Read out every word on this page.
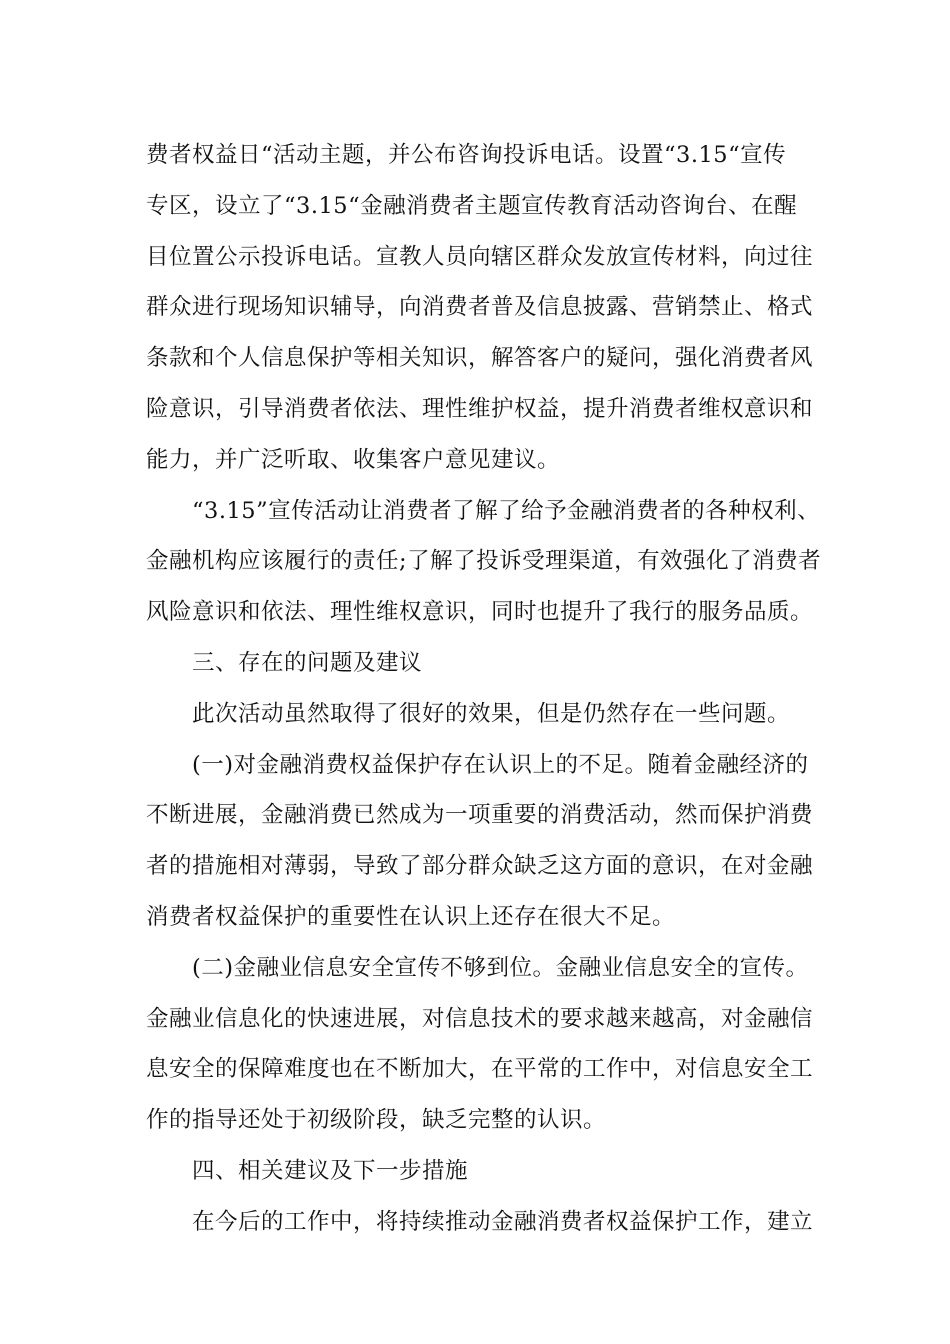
费者权益日“活动主题，并公布咨询投诉电话。设置“3.15“宣传
专区，设立了“3.15“金融消费者主题宣传教育活动咨询台、在醒
目位置公示投诉电话。宣教人员向辖区群众发放宣传材料，向过往
群众进行现场知识辅导，向消费者普及信息披露、营销禁止、格式
条款和个人信息保护等相关知识，解答客户的疑问，强化消费者风
险意识，引导消费者依法、理性维护权益，提升消费者维权意识和
能力，并广泛听取、收集客户意见建议。
“3.15”宣传活动让消费者了解了给予金融消费者的各种权利、
金融机构应该履行的责任;了解了投诉受理渠道，有效强化了消费者
风险意识和依法、理性维权意识，同时也提升了我行的服务品质。
三、存在的问题及建议
此次活动虽然取得了很好的效果，但是仍然存在一些问题。
(一)对金融消费权益保护存在认识上的不足。随着金融经济的
不断进展，金融消费已然成为一项重要的消费活动，然而保护消费
者的措施相对薄弱，导致了部分群众缺乏这方面的意识，在对金融
消费者权益保护的重要性在认识上还存在很大不足。
(二)金融业信息安全宣传不够到位。金融业信息安全的宣传。
金融业信息化的快速进展，对信息技术的要求越来越高，对金融信
息安全的保障难度也在不断加大，在平常的工作中，对信息安全工
作的指导还处于初级阶段，缺乏完整的认识。
四、相关建议及下一步措施
在今后的工作中，将持续推动金融消费者权益保护工作，建立
